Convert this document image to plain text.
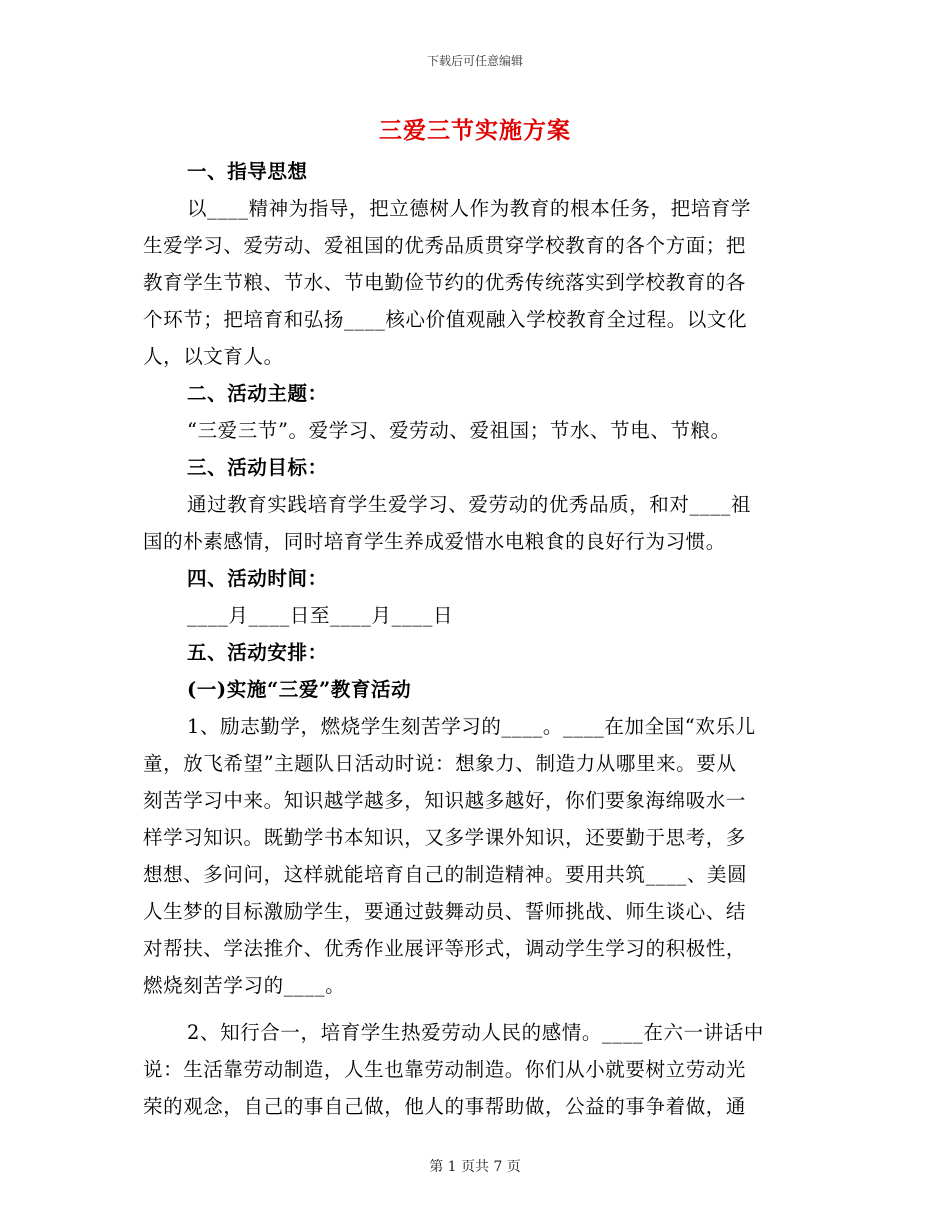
下载后可任意编辑
三爱三节实施方案
一、指导思想
以____精神为指导，把立德树人作为教育的根本任务，把培育学
生爱学习、爱劳动、爱祖国的优秀品质贯穿学校教育的各个方面；把
教育学生节粮、节水、节电勤俭节约的优秀传统落实到学校教育的各
个环节；把培育和弘扬____核心价值观融入学校教育全过程。以文化
人，以文育人。
二、活动主题：
“三爱三节”。爱学习、爱劳动、爱祖国；节水、节电、节粮。
三、活动目标：
通过教育实践培育学生爱学习、爱劳动的优秀品质，和对____祖
国的朴素感情，同时培育学生养成爱惜水电粮食的良好行为习惯。
四、活动时间：
____月____日至____月____日
五、活动安排：
(一)实施“三爱”教育活动
1、励志勤学，燃烧学生刻苦学习的____。____在加全国“欢乐儿
童，放飞希望”主题队日活动时说：想象力、制造力从哪里来。要从
刻苦学习中来。知识越学越多，知识越多越好，你们要象海绵吸水一
样学习知识。既勤学书本知识，又多学课外知识，还要勤于思考，多
想想、多问问，这样就能培育自己的制造精神。要用共筑____、美圆
人生梦的目标激励学生，要通过鼓舞动员、誓师挑战、师生谈心、结
对帮扶、学法推介、优秀作业展评等形式，调动学生学习的积极性，
燃烧刻苦学习的____。
2、知行合一，培育学生热爱劳动人民的感情。____在六一讲话中
说：生活靠劳动制造，人生也靠劳动制造。你们从小就要树立劳动光
荣的观念，自己的事自己做，他人的事帮助做，公益的事争着做，通
第 1 页共 7 页
